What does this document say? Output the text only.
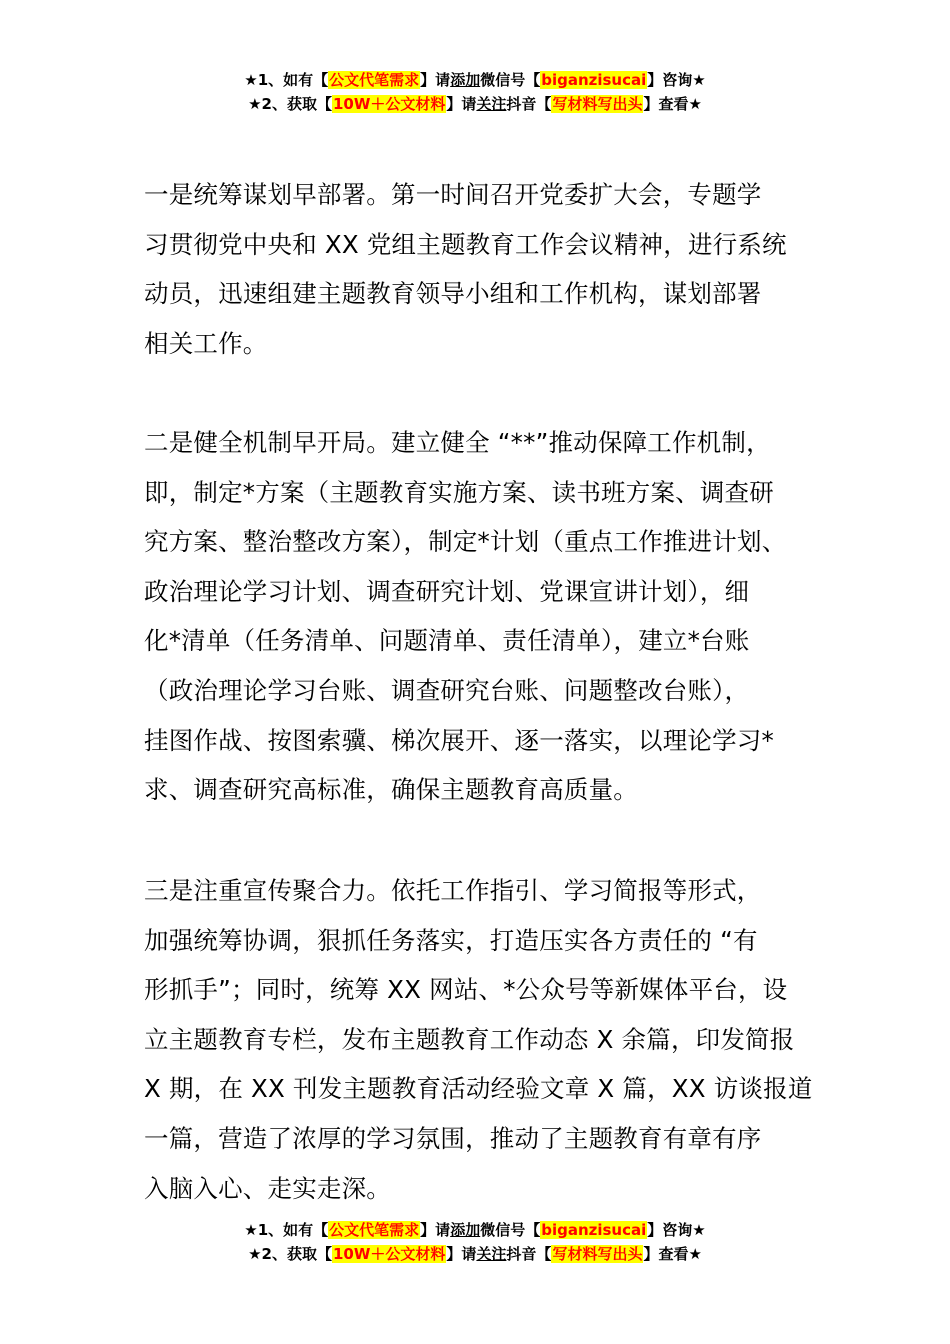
★1、如有【公文代笔需求】请添加微信号【biganzisucai】咨询★
★2、获取【10W＋公文材料】请关注抖音【写材料写出头】查看★
一是统筹谋划早部署。第一时间召开党委扩大会，专题学
习贯彻党中央和 XX 党组主题教育工作会议精神，进行系统
动员，迅速组建主题教育领导小组和工作机构，谋划部署
相关工作。
二是健全机制早开局。建立健全 “**”推动保障工作机制，
即，制定*方案（主题教育实施方案、读书班方案、调查研
究方案、整治整改方案），制定*计划（重点工作推进计划、
政治理论学习计划、调查研究计划、党课宣讲计划），细
化*清单（任务清单、问题清单、责任清单），建立*台账
（政治理论学习台账、调查研究台账、问题整改台账），
挂图作战、按图索骥、梯次展开、逐一落实，以理论学习*
求、调查研究高标准，确保主题教育高质量。
三是注重宣传聚合力。依托工作指引、学习简报等形式，
加强统筹协调，狠抓任务落实，打造压实各方责任的 “有
形抓手”；同时，统筹 XX 网站、*公众号等新媒体平台，设
立主题教育专栏，发布主题教育工作动态 X 余篇，印发简报
X 期，在 XX 刊发主题教育活动经验文章 X 篇，XX 访谈报道
一篇，营造了浓厚的学习氛围，推动了主题教育有章有序
入脑入心、走实走深。
★1、如有【公文代笔需求】请添加微信号【biganzisucai】咨询★
★2、获取【10W＋公文材料】请关注抖音【写材料写出头】查看★
